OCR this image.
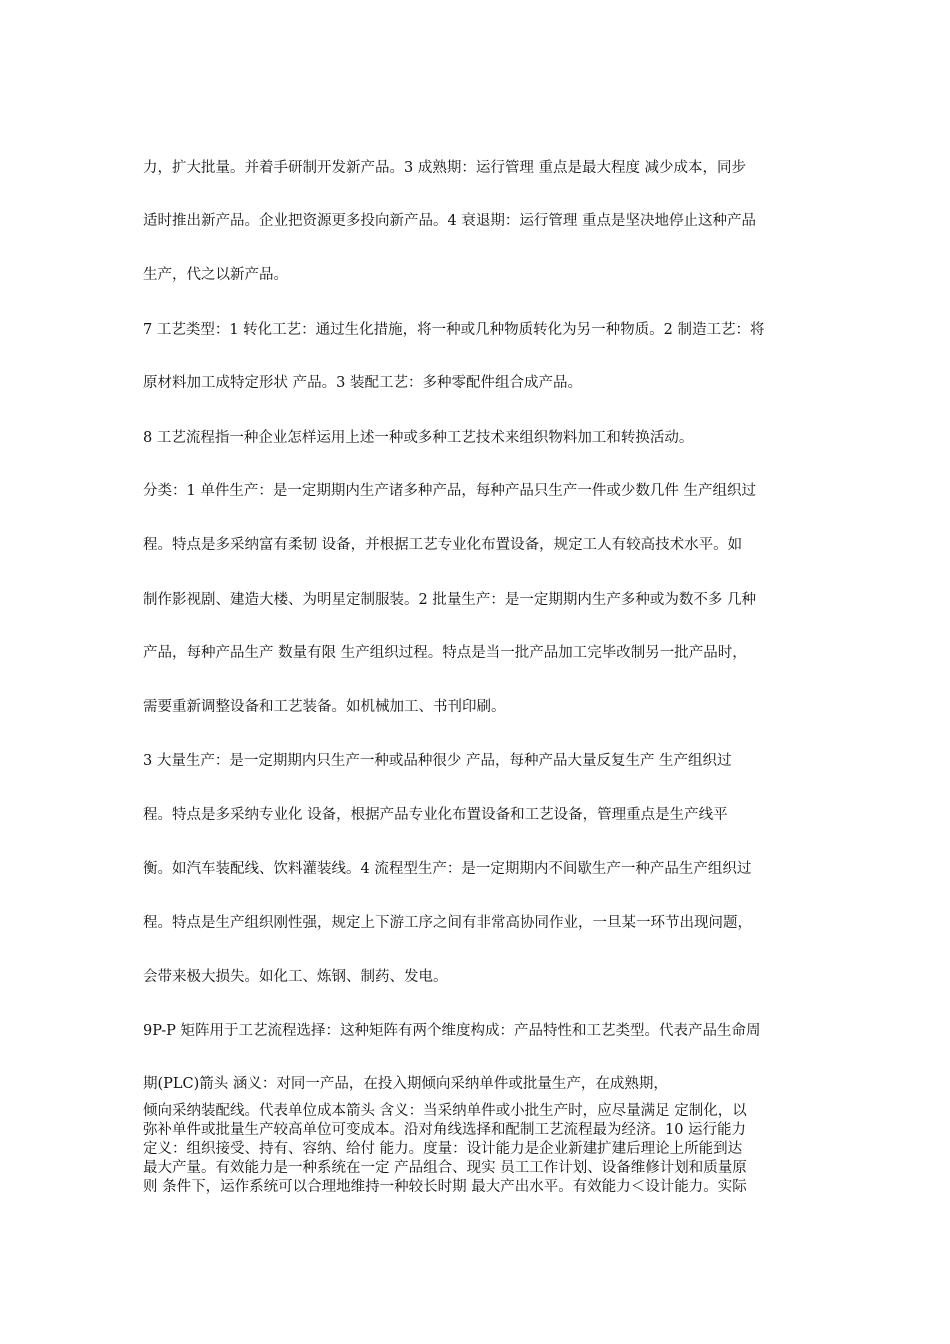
力，扩大批量。并着手研制开发新产品。3 成熟期：运行管理 重点是最大程度 减少成本，同步
适时推出新产品。企业把资源更多投向新产品。4 衰退期：运行管理 重点是坚决地停止这种产品
生产，代之以新产品。
7 工艺类型：1 转化工艺：通过生化措施，将一种或几种物质转化为另一种物质。2 制造工艺：将
原材料加工成特定形状 产品。3 装配工艺：多种零配件组合成产品。
8 工艺流程指一种企业怎样运用上述一种或多种工艺技术来组织物料加工和转换活动。
分类：1 单件生产：是一定期期内生产诸多种产品，每种产品只生产一件或少数几件 生产组织过
程。特点是多采纳富有柔韧 设备，并根据工艺专业化布置设备，规定工人有较高技术水平。如
制作影视剧、建造大楼、为明星定制服装。2 批量生产：是一定期期内生产多种或为数不多 几种
产品，每种产品生产 数量有限 生产组织过程。特点是当一批产品加工完毕改制另一批产品时，
需要重新调整设备和工艺装备。如机械加工、书刊印刷。
3 大量生产：是一定期期内只生产一种或品种很少 产品，每种产品大量反复生产 生产组织过
程。特点是多采纳专业化 设备，根据产品专业化布置设备和工艺设备，管理重点是生产线平
衡。如汽车装配线、饮料灌装线。4 流程型生产：是一定期期内不间歇生产一种产品生产组织过
程。特点是生产组织刚性强，规定上下游工序之间有非常高协同作业，一旦某一环节出现问题，
会带来极大损失。如化工、炼钢、制药、发电。
9P-P 矩阵用于工艺流程选择：这种矩阵有两个维度构成：产品特性和工艺类型。代表产品生命周
期(PLC)箭头 涵义：对同一产品，在投入期倾向采纳单件或批量生产，在成熟期，
倾向采纳装配线。代表单位成本箭头 含义：当采纳单件或小批生产时，应尽量满足 定制化，以
弥补单件或批量生产较高单位可变成本。沿对角线选择和配制工艺流程最为经济。10 运行能力
定义：组织接受、持有、容纳、给付 能力。度量：设计能力是企业新建扩建后理论上所能到达
最大产量。有效能力是一种系统在一定 产品组合、现实 员工工作计划、设备维修计划和质量原
则 条件下，运作系统可以合理地维持一种较长时期 最大产出水平。有效能力＜设计能力。实际
